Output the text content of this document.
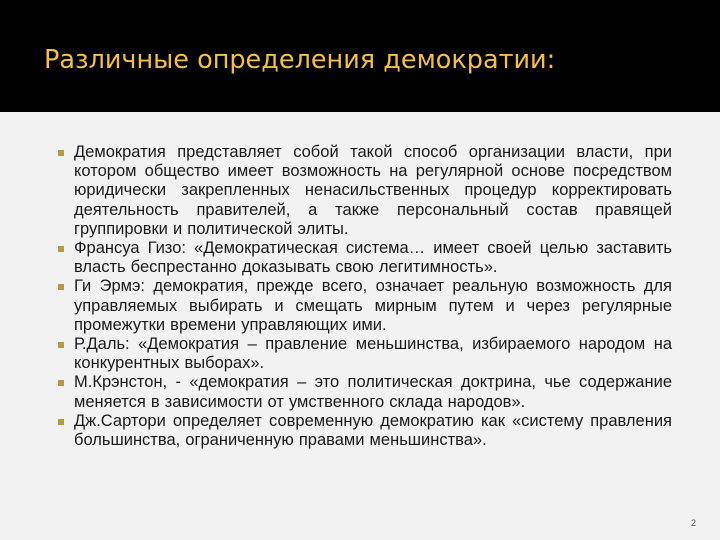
Различные определения демократии:
Демократия представляет собой такой способ организации власти, при котором общество имеет возможность на регулярной основе посредством юридически закрепленных ненасильственных процедур корректировать деятельность правителей, а также персональный состав правящей группировки и политической элиты.
Франсуа Гизо: «Демократическая система… имеет своей целью заставить власть беспрестанно доказывать свою легитимность».
Ги Эрмэ: демократия, прежде всего, означает реальную возможность для управляемых выбирать и смещать мирным путем и через регулярные промежутки времени управляющих ими.
Р.Даль: «Демократия – правление меньшинства, избираемого народом на конкурентных выборах».
М.Крэнстон, - «демократия – это политическая доктрина, чье содержание меняется в зависимости от умственного склада народов».
Дж.Сартори определяет современную демократию как «систему правления большинства, ограниченную правами меньшинства».
2
